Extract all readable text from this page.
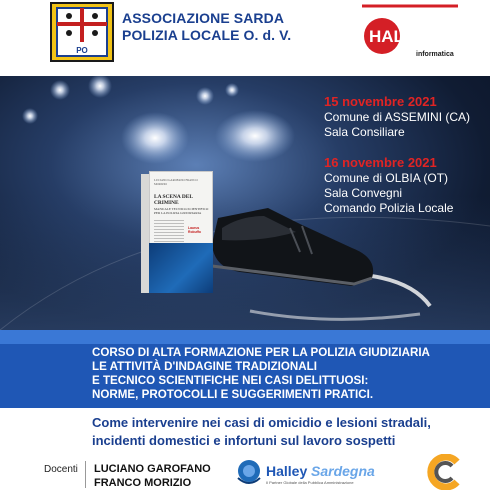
PO
ASSOCIAZIONE SARDA
POLIZIA LOCALE O. d. V.	HALLEY
informatica
LUCIANO GAROFANO FRANCO MORIZIO
LA SCENA DEL CRIMINE
MANUALE TECNICO-SCIENTIFICO PER LA POLIZIA GIUDIZIARIA
Laurus Robuffo
15 novembre 2021
Comune di ASSEMINI (CA)
Sala Consiliare
16 novembre 2021
Comune di OLBIA (OT)
Sala Convegni
Comando Polizia Locale
CORSO DI ALTA FORMAZIONE PER LA POLIZIA GIUDIZIARIA
LE ATTIVITÀ D'INDAGINE TRADIZIONALI
E TECNICO SCIENTIFICHE NEI CASI DELITTUOSI:
NORME, PROTOCOLLI E SUGGERIMENTI PRATICI.
Come intervenire nei casi di omicidio e lesioni stradali,
incidenti domestici e infortuni sul lavoro sospetti
Docenti LUCIANO GAROFANO
FRANCO MORIZIO
Halley Sardegna
Il Partner Globale della Pubblica Amministrazione
